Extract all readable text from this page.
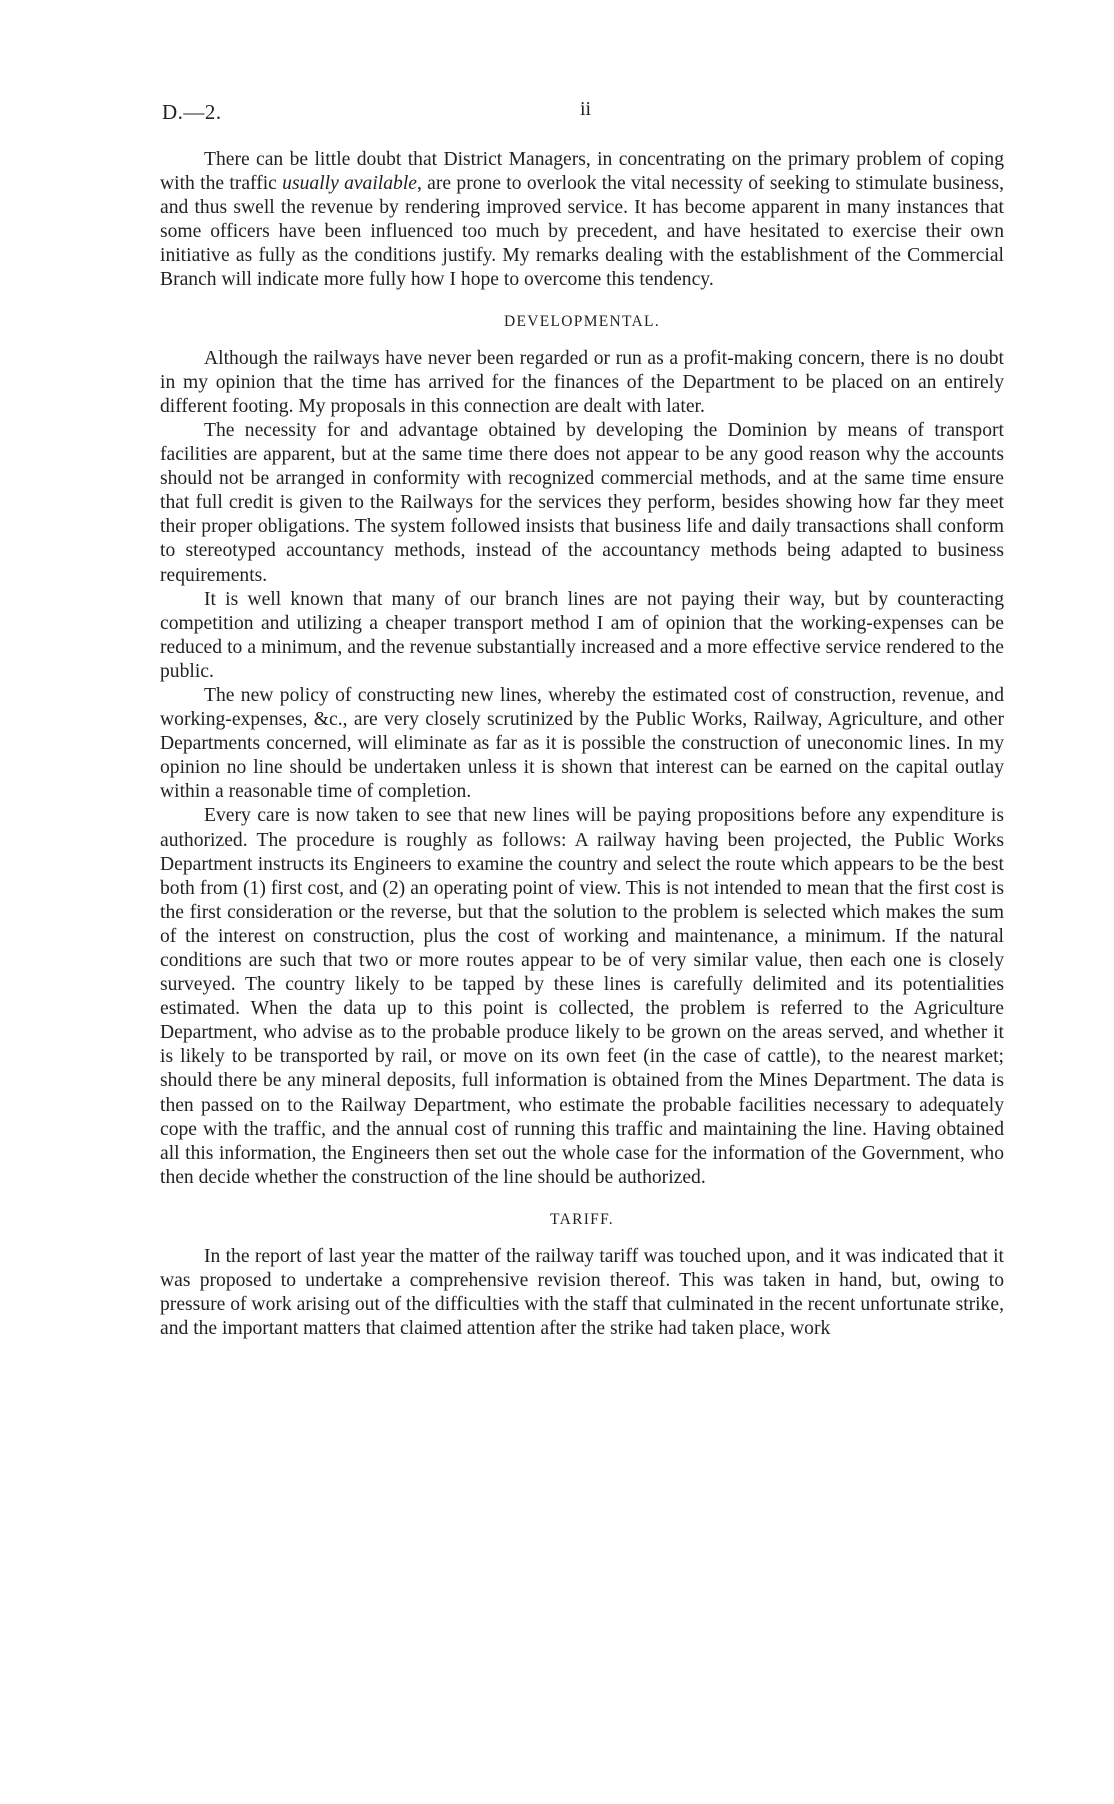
D.—2.	ii

There can be little doubt that District Managers, in concentrating on the primary problem of coping with the traffic usually available, are prone to overlook the vital necessity of seeking to stimulate business, and thus swell the revenue by rendering improved service. It has become apparent in many instances that some officers have been influenced too much by precedent, and have hesitated to exercise their own initiative as fully as the conditions justify. My remarks dealing with the establishment of the Commercial Branch will indicate more fully how I hope to overcome this tendency.

DEVELOPMENTAL.

Although the railways have never been regarded or run as a profit-making concern, there is no doubt in my opinion that the time has arrived for the finances of the Department to be placed on an entirely different footing. My proposals in this connection are dealt with later.

The necessity for and advantage obtained by developing the Dominion by means of transport facilities are apparent, but at the same time there does not appear to be any good reason why the accounts should not be arranged in conformity with recognized commercial methods, and at the same time ensure that full credit is given to the Railways for the services they perform, besides showing how far they meet their proper obligations. The system followed insists that business life and daily transactions shall conform to stereotyped accountancy methods, instead of the accountancy methods being adapted to business requirements.

It is well known that many of our branch lines are not paying their way, but by counteracting competition and utilizing a cheaper transport method I am of opinion that the working-expenses can be reduced to a minimum, and the revenue substantially increased and a more effective service rendered to the public.

The new policy of constructing new lines, whereby the estimated cost of construction, revenue, and working-expenses, &c., are very closely scrutinized by the Public Works, Railway, Agriculture, and other Departments concerned, will eliminate as far as it is possible the construction of uneconomic lines. In my opinion no line should be undertaken unless it is shown that interest can be earned on the capital outlay within a reasonable time of completion.

Every care is now taken to see that new lines will be paying propositions before any expenditure is authorized. The procedure is roughly as follows: A railway having been projected, the Public Works Department instructs its Engineers to examine the country and select the route which appears to be the best both from (1) first cost, and (2) an operating point of view. This is not intended to mean that the first cost is the first consideration or the reverse, but that the solution to the problem is selected which makes the sum of the interest on construction, plus the cost of working and maintenance, a minimum. If the natural conditions are such that two or more routes appear to be of very similar value, then each one is closely surveyed. The country likely to be tapped by these lines is carefully delimited and its potentialities estimated. When the data up to this point is collected, the problem is referred to the Agriculture Department, who advise as to the probable produce likely to be grown on the areas served, and whether it is likely to be transported by rail, or move on its own feet (in the case of cattle), to the nearest market; should there be any mineral deposits, full information is obtained from the Mines Department. The data is then passed on to the Railway Department, who estimate the probable facilities necessary to adequately cope with the traffic, and the annual cost of running this traffic and maintaining the line. Having obtained all this information, the Engineers then set out the whole case for the information of the Government, who then decide whether the construction of the line should be authorized.

TARIFF.

In the report of last year the matter of the railway tariff was touched upon, and it was indicated that it was proposed to undertake a comprehensive revision thereof. This was taken in hand, but, owing to pressure of work arising out of the difficulties with the staff that culminated in the recent unfortunate strike, and the important matters that claimed attention after the strike had taken place, work
